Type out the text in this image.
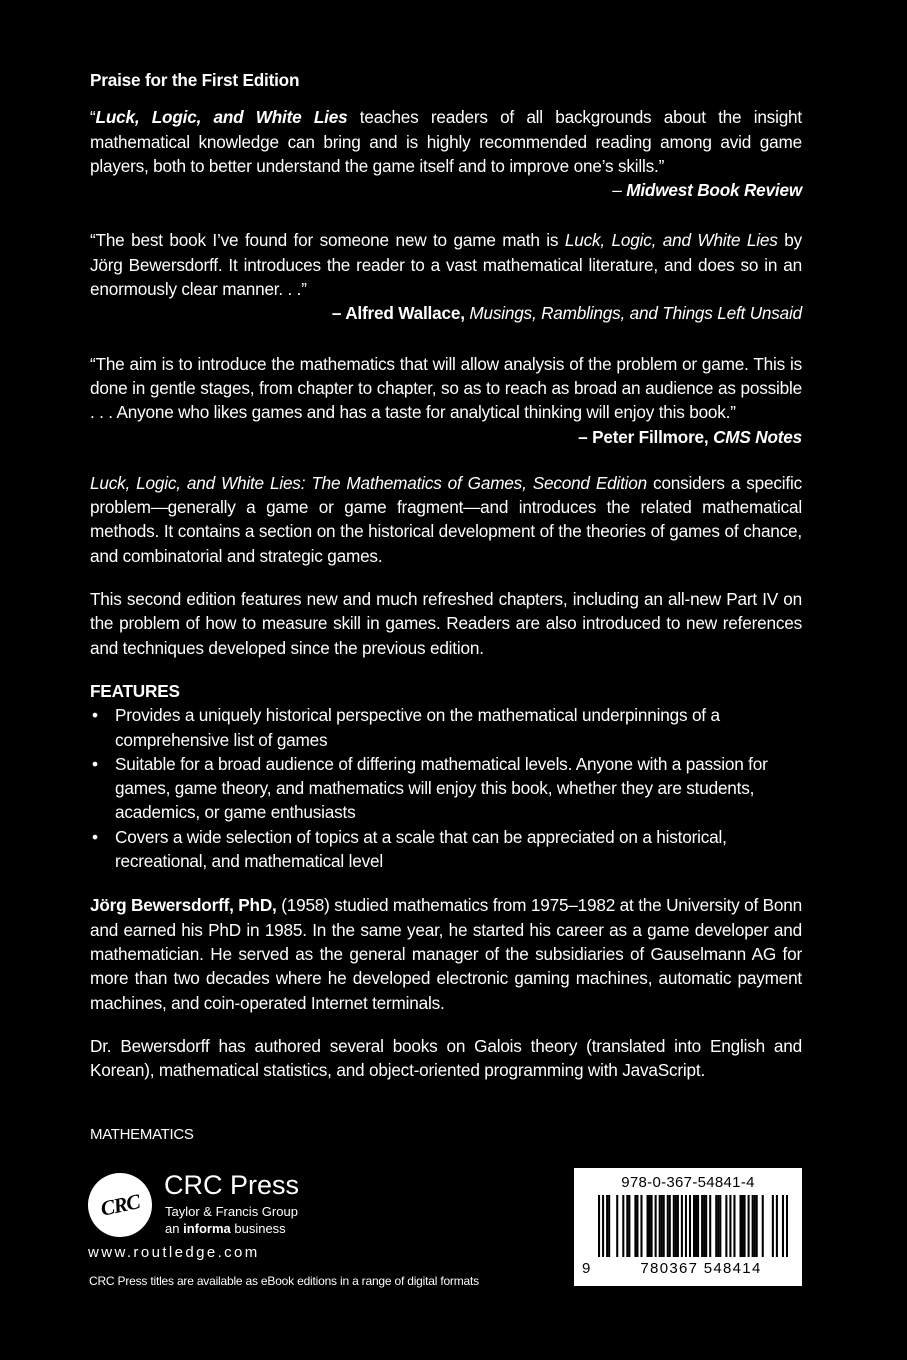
Praise for the First Edition

“Luck, Logic, and White Lies teaches readers of all backgrounds about the insight mathematical knowledge can bring and is highly recommended reading among avid game players, both to better understand the game itself and to improve one’s skills.”

– Midwest Book Review

“The best book I’ve found for someone new to game math is Luck, Logic, and White Lies by Jörg Bewersdorff. It introduces the reader to a vast mathematical literature, and does so in an enormously clear manner. . .”

– Alfred Wallace, Musings, Ramblings, and Things Left Unsaid

“The aim is to introduce the mathematics that will allow analysis of the problem or game. This is done in gentle stages, from chapter to chapter, so as to reach as broad an audience as possible . . . Anyone who likes games and has a taste for analytical thinking will enjoy this book.”

– Peter Fillmore, CMS Notes

Luck, Logic, and White Lies: The Mathematics of Games, Second Edition considers a specific problem—generally a game or game fragment—and introduces the related mathematical methods. It contains a section on the historical development of the theories of games of chance, and combinatorial and strategic games.

This second edition features new and much refreshed chapters, including an all-new Part IV on the problem of how to measure skill in games. Readers are also introduced to new references and techniques developed since the previous edition.

FEATURES

• Provides a uniquely historical perspective on the mathematical underpinnings of a comprehensive list of games
• Suitable for a broad audience of differing mathematical levels. Anyone with a passion for games, game theory, and mathematics will enjoy this book, whether they are students, academics, or game enthusiasts
• Covers a wide selection of topics at a scale that can be appreciated on a historical, recreational, and mathematical level

Jörg Bewersdorff, PhD, (1958) studied mathematics from 1975–1982 at the University of Bonn and earned his PhD in 1985. In the same year, he started his career as a game developer and mathematician. He served as the general manager of the subsidiaries of Gauselmann AG for more than two decades where he developed electronic gaming machines, automatic payment machines, and coin-operated Internet terminals.

Dr. Bewersdorff has authored several books on Galois theory (translated into English and Korean), mathematical statistics, and object-oriented programming with JavaScript.

MATHEMATICS
CRC
CRC Press
Taylor & Francis Group
an informa business
www.routledge.com
CRC Press titles are available as eBook editions in a range of digital formats
978-0-367-54841-4
9	780367 548414
